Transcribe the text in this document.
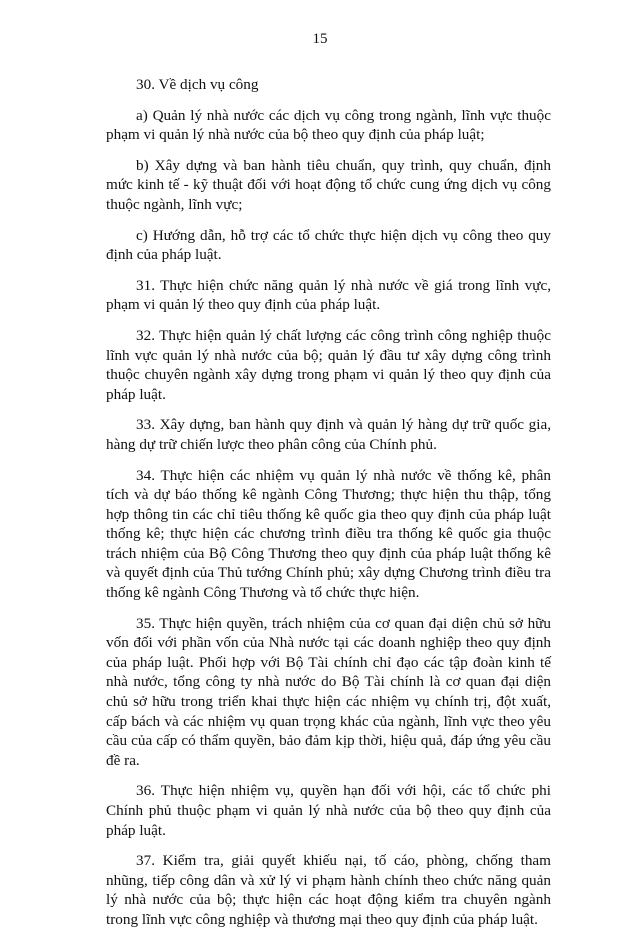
15

30. Về dịch vụ công

a) Quản lý nhà nước các dịch vụ công trong ngành, lĩnh vực thuộc phạm vi quản lý nhà nước của bộ theo quy định của pháp luật;

b) Xây dựng và ban hành tiêu chuẩn, quy trình, quy chuẩn, định mức kinh tế - kỹ thuật đối với hoạt động tổ chức cung ứng dịch vụ công thuộc ngành, lĩnh vực;

c) Hướng dẫn, hỗ trợ các tổ chức thực hiện dịch vụ công theo quy định của pháp luật.

31. Thực hiện chức năng quản lý nhà nước về giá trong lĩnh vực, phạm vi quản lý theo quy định của pháp luật.

32. Thực hiện quản lý chất lượng các công trình công nghiệp thuộc lĩnh vực quản lý nhà nước của bộ; quản lý đầu tư xây dựng công trình thuộc chuyên ngành xây dựng trong phạm vi quản lý theo quy định của pháp luật.

33. Xây dựng, ban hành quy định và quản lý hàng dự trữ quốc gia, hàng dự trữ chiến lược theo phân công của Chính phủ.

34. Thực hiện các nhiệm vụ quản lý nhà nước về thống kê, phân tích và dự báo thống kê ngành Công Thương; thực hiện thu thập, tổng hợp thông tin các chỉ tiêu thống kê quốc gia theo quy định của pháp luật thống kê; thực hiện các chương trình điều tra thống kê quốc gia thuộc trách nhiệm của Bộ Công Thương theo quy định của pháp luật thống kê và quyết định của Thủ tướng Chính phủ; xây dựng Chương trình điều tra thống kê ngành Công Thương và tổ chức thực hiện.

35. Thực hiện quyền, trách nhiệm của cơ quan đại diện chủ sở hữu vốn đối với phần vốn của Nhà nước tại các doanh nghiệp theo quy định của pháp luật. Phối hợp với Bộ Tài chính chỉ đạo các tập đoàn kinh tế nhà nước, tổng công ty nhà nước do Bộ Tài chính là cơ quan đại diện chủ sở hữu trong triển khai thực hiện các nhiệm vụ chính trị, đột xuất, cấp bách và các nhiệm vụ quan trọng khác của ngành, lĩnh vực theo yêu cầu của cấp có thẩm quyền, bảo đảm kịp thời, hiệu quả, đáp ứng yêu cầu đề ra.

36. Thực hiện nhiệm vụ, quyền hạn đối với hội, các tổ chức phi Chính phủ thuộc phạm vi quản lý nhà nước của bộ theo quy định của pháp luật.

37. Kiểm tra, giải quyết khiếu nại, tố cáo, phòng, chống tham nhũng, tiếp công dân và xử lý vi phạm hành chính theo chức năng quản lý nhà nước của bộ; thực hiện các hoạt động kiểm tra chuyên ngành trong lĩnh vực công nghiệp và thương mại theo quy định của pháp luật.
